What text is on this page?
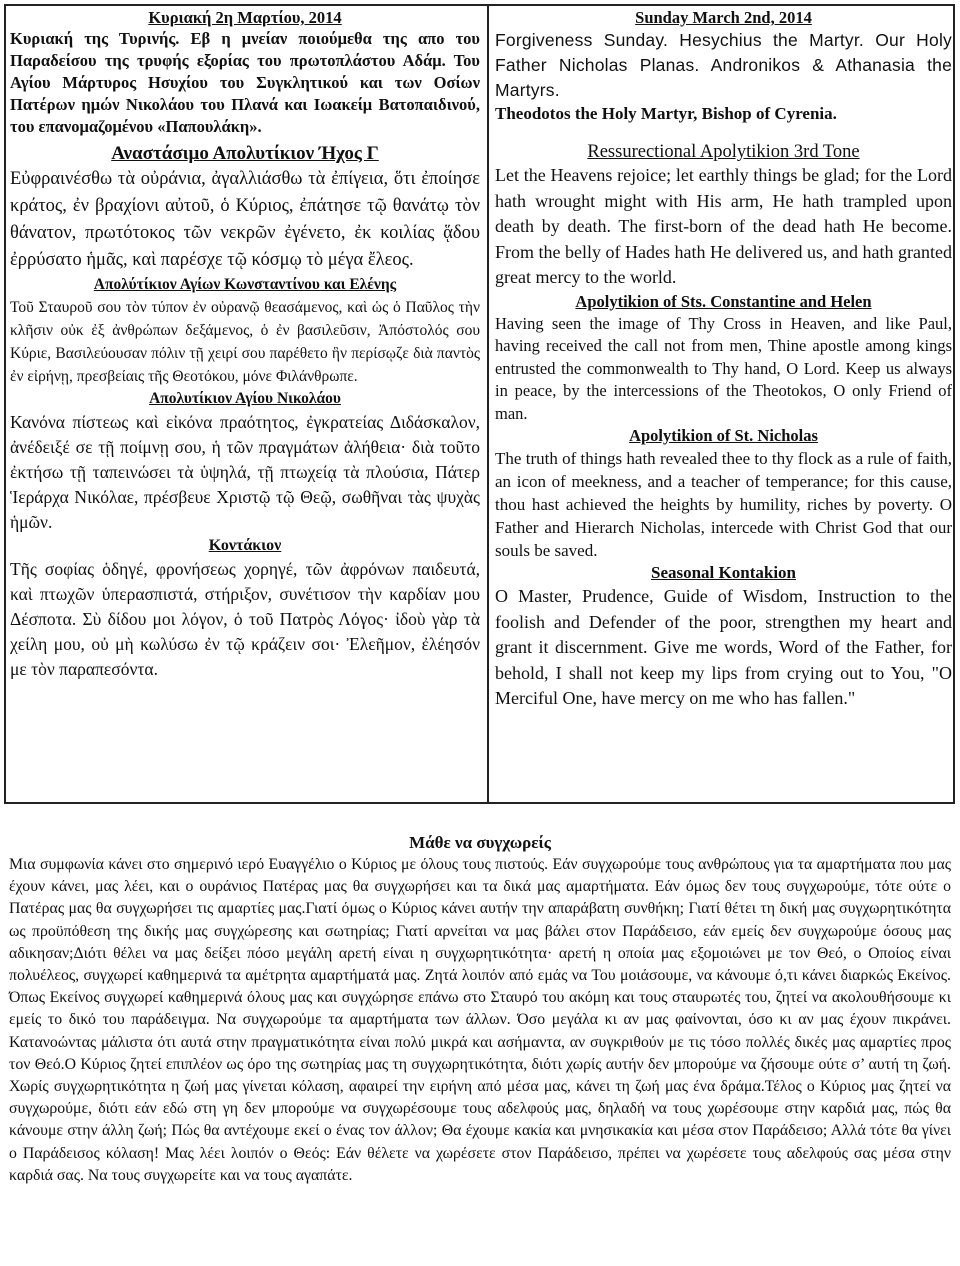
Κυριακή 2η Μαρτίου, 2014

Κυριακή της Τυρινής. Εβ η μνείαν ποιούμεθα της απο του Παραδείσου της τρυφής εξορίας του πρωτοπλάστου Αδάμ. Του Αγίου Μάρτυρος Ησυχίου του Συγκλητικού και των Οσίων Πατέρων ημών Νικολάου του Πλανά και Ιωακείμ Βατοπαιδινού, του επανομαζομένου «Παπουλάκη».

Αναστάσιμο Απολυτίκιον Ήχος Γ

Εὐφραινέσθω τὰ οὐράνια, ἀγαλλιάσθω τὰ ἐπίγεια, ὅτι ἐποίησε κράτος, ἐν βραχίονι αὐτοῦ, ὁ Κύριος, ἐπάτησε τῷ θανάτῳ τὸν θάνατον, πρωτότοκος τῶν νεκρῶν ἐγένετο, ἐκ κοιλίας ᾅδου ἐρρύσατο ἡμᾶς, καὶ παρέσχε τῷ κόσμῳ τὸ μέγα ἔλεος.

Απολύτίκιον Αγίων Κωνσταντίνου και Ελένης

Τοῦ Σταυροῦ σου τὸν τύπον ἐν οὐρανῷ θεασάμενος, καὶ ὡς ὁ Παῦλος τὴν κλῆσιν οὐκ ἐξ ἀνθρώπων δεξάμενος, ὁ ἐν βασιλεῦσιν, Ἀπόστολός σου Κύριε, Βασιλεύουσαν πόλιν τῇ χειρί σου παρέθετο ἣν περίσῳζε διὰ παντὸς ἐν εἰρήνῃ, πρεσβείαις τῆς Θεοτόκου, μόνε Φιλάνθρωπε.

Απολυτίκιον Αγίου Νικολάου

Κανόνα πίστεως καὶ εἰκόνα πραότητος, ἐγκρατείας Διδάσκαλον, ἀνέδειξέ σε τῇ ποίμνῃ σου, ἡ τῶν πραγμάτων ἀλήθεια· διὰ τοῦτο ἐκτήσω τῇ ταπεινώσει τὰ ὑψηλά, τῇ πτωχείᾳ τὰ πλούσια, Πάτερ Ἱεράρχα Νικόλαε, πρέσβευε Χριστῷ τῷ Θεῷ, σωθῆναι τὰς ψυχὰς ἡμῶν.

Κοντάκιον

Τῆς σοφίας ὁδηγέ, φρονήσεως χορηγέ, τῶν ἀφρόνων παιδευτά, καὶ πτωχῶν ὑπερασπιστά, στήριξον, συνέτισον τὴν καρδίαν μου Δέσποτα. Σὺ δίδου μοι λόγον, ὁ τοῦ Πατρὸς Λόγος· ἰδοὺ γὰρ τὰ χείλη μου, οὐ μὴ κωλύσω ἐν τῷ κράζειν σοι· Ἐλεῆμον, ἐλέησόν με τὸν παραπεσόντα.

Sunday March 2nd, 2014

Forgiveness Sunday. Hesychius the Martyr. Our Holy Father Nicholas Planas. Andronikos & Athanasia the Martyrs.

Theodotos the Holy Martyr, Bishop of Cyrenia.

Ressurectional Apolytikion 3rd Tone

Let the Heavens rejoice; let earthly things be glad; for the Lord hath wrought might with His arm, He hath trampled upon death by death. The first-born of the dead hath He become. From the belly of Hades hath He delivered us, and hath granted great mercy to the world.

Apolytikion of Sts. Constantine and Helen

Having seen the image of Thy Cross in Heaven, and like Paul, having received the call not from men, Thine apostle among kings entrusted the commonwealth to Thy hand, O Lord. Keep us always in peace, by the intercessions of the Theotokos, O only Friend of man.

Apolytikion of St. Nicholas

The truth of things hath revealed thee to thy flock as a rule of faith, an icon of meekness, and a teacher of temperance; for this cause, thou hast achieved the heights by humility, riches by poverty. O Father and Hierarch Nicholas, intercede with Christ God that our souls be saved.

Seasonal Kontakion

O Master, Prudence, Guide of Wisdom, Instruction to the foolish and Defender of the poor, strengthen my heart and grant it discernment. Give me words, Word of the Father, for behold, I shall not keep my lips from crying out to You, "O Merciful One, have mercy on me who has fallen."

Μάθε να συγχωρείς

Μια συμφωνία κάνει στο σημερινό ιερό Ευαγγέλιο ο Κύριος με όλους τους πιστούς. Εάν συγχωρούμε τους ανθρώπους για τα αμαρτήματα που μας έχουν κάνει, μας λέει, και ο ουράνιος Πατέρας μας θα συγχωρήσει και τα δικά μας αμαρτήματα. Εάν όμως δεν τους συγχωρούμε, τότε ούτε ο Πατέρας μας θα συγχωρήσει τις αμαρτίες μας.Γιατί όμως ο Κύριος κάνει αυτήν την απαράβατη συνθήκη; Γιατί θέτει τη δική μας συγχωρητικότητα ως προϋπόθεση της δικής μας συγχώρεσης και σωτηρίας; Γιατί αρνείται να μας βάλει στον Παράδεισο, εάν εμείς δεν συγχωρούμε όσους μας αδικησαν;Διότι θέλει να μας δείξει πόσο μεγάλη αρετή είναι η συγχωρητικότητα· αρετή η οποία μας εξομοιώνει με τον Θεό, ο Οποίος είναι πολυέλεος, συγχωρεί καθημερινά τα αμέτρητα αμαρτήματά μας. Ζητά λοιπόν από εμάς να Του μοιάσουμε, να κάνουμε ό,τι κάνει διαρκώς Εκείνος. Όπως Εκείνος συγχωρεί καθημερινά όλους μας και συγχώρησε επάνω στο Σταυρό του ακόμη και τους σταυρωτές του, ζητεί να ακολουθήσουμε κι εμείς το δικό του παράδειγμα. Να συγχωρούμε τα αμαρτήματα των άλλων. Όσο μεγάλα κι αν μας φαίνονται, όσο κι αν μας έχουν πικράνει. Κατανοώντας μάλιστα ότι αυτά στην πραγματικότητα είναι πολύ μικρά και ασήμαντα, αν συγκριθούν με τις τόσο πολλές δικές μας αμαρτίες προς τον Θεό.Ο Κύριος ζητεί επιπλέον ως όρο της σωτηρίας μας τη συγχωρητικότητα, διότι χωρίς αυτήν δεν μπορούμε να ζήσουμε ούτε σ’ αυτή τη ζωή. Χωρίς συγχωρητικότητα η ζωή μας γίνεται κόλαση, αφαιρεί την ειρήνη από μέσα μας, κάνει τη ζωή μας ένα δράμα.Τέλος ο Κύριος μας ζητεί να συγχωρούμε, διότι εάν εδώ στη γη δεν μπορούμε να συγχωρέσουμε τους αδελφούς μας, δηλαδή να τους χωρέσουμε στην καρδιά μας, πώς θα κάνουμε στην άλλη ζωή; Πώς θα αντέχουμε εκεί ο ένας τον άλλον; Θα έχουμε κακία και μνησικακία και μέσα στον Παράδεισο; Αλλά τότε θα γίνει ο Παράδεισος κόλαση! Μας λέει λοιπόν ο Θεός: Εάν θέλετε να χωρέσετε στον Παράδεισο, πρέπει να χωρέσετε τους αδελφούς σας μέσα στην καρδιά σας. Να τους συγχωρείτε και να τους αγαπάτε.
